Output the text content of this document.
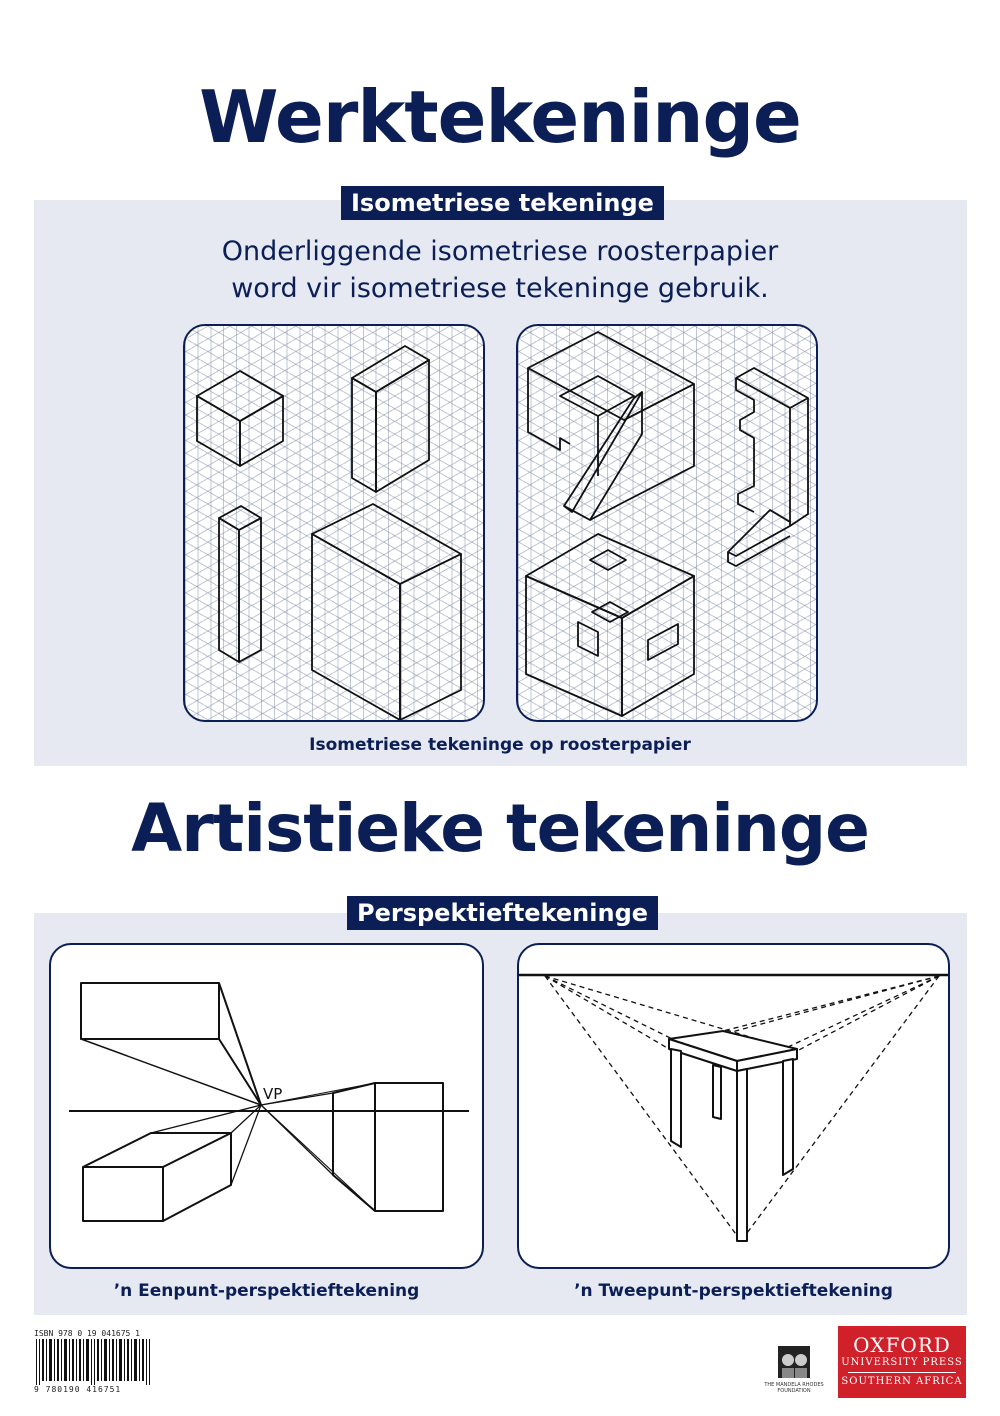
Werktekeninge
Isometriese tekeninge
Onderliggende isometriese roosterpapier
word vir isometriese tekeninge gebruik.
Isometriese tekeninge op roosterpapier
Artistieke tekeninge
Perspektieftekeninge
VP
’n Eenpunt-perspektieftekening	’n Tweepunt-perspektieftekening
ISBN 978 0 19 041675 1
9 780190 416751	THE MANDELA RHODES FOUNDATION
OXFORD
UNIVERSITY PRESS
SOUTHERN AFRICA
